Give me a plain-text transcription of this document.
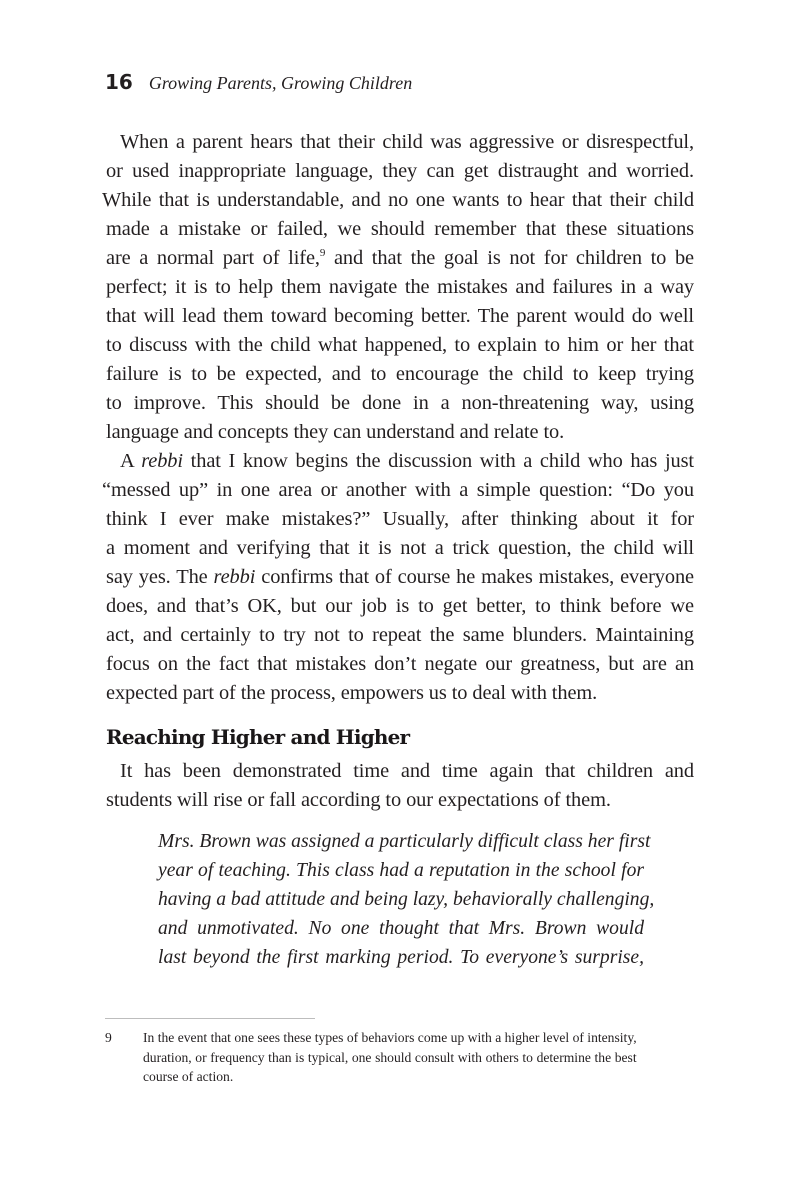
16 Growing Parents, Growing Children

When a parent hears that their child was aggressive or disrespectful,
or used inappropriate language, they can get distraught and worried.
While that is understandable, and no one wants to hear that their child
made a mistake or failed, we should remember that these situations
are a normal part of life,$^9$ and that the goal is not for children to be
perfect; it is to help them navigate the mistakes and failures in a way
that will lead them toward becoming better. The parent would do well
to discuss with the child what happened, to explain to him or her that
failure is to be expected, and to encourage the child to keep trying
to improve. This should be done in a non-threatening way, using
language and concepts they can understand and relate to.

A rebbi that I know begins the discussion with a child who has just
“messed up” in one area or another with a simple question: “Do you
think I ever make mistakes?” Usually, after thinking about it for
a moment and verifying that it is not a trick question, the child will
say yes. The rebbi confirms that of course he makes mistakes, everyone
does, and that’s OK, but our job is to get better, to think before we
act, and certainly to try not to repeat the same blunders. Maintaining
focus on the fact that mistakes don’t negate our greatness, but are an
expected part of the process, empowers us to deal with them.

Reaching Higher and Higher

It has been demonstrated time and time again that children and
students will rise or fall according to our expectations of them.

Mrs. Brown was assigned a particularly difficult class her first
year of teaching. This class had a reputation in the school for
having a bad attitude and being lazy, behaviorally challenging,
and unmotivated. No one thought that Mrs. Brown would
last beyond the first marking period. To everyone’s surprise,
9	In the event that one sees these types of behaviors come up with a higher level of intensity,
duration, or frequency than is typical, one should consult with others to determine the best
course of action.
